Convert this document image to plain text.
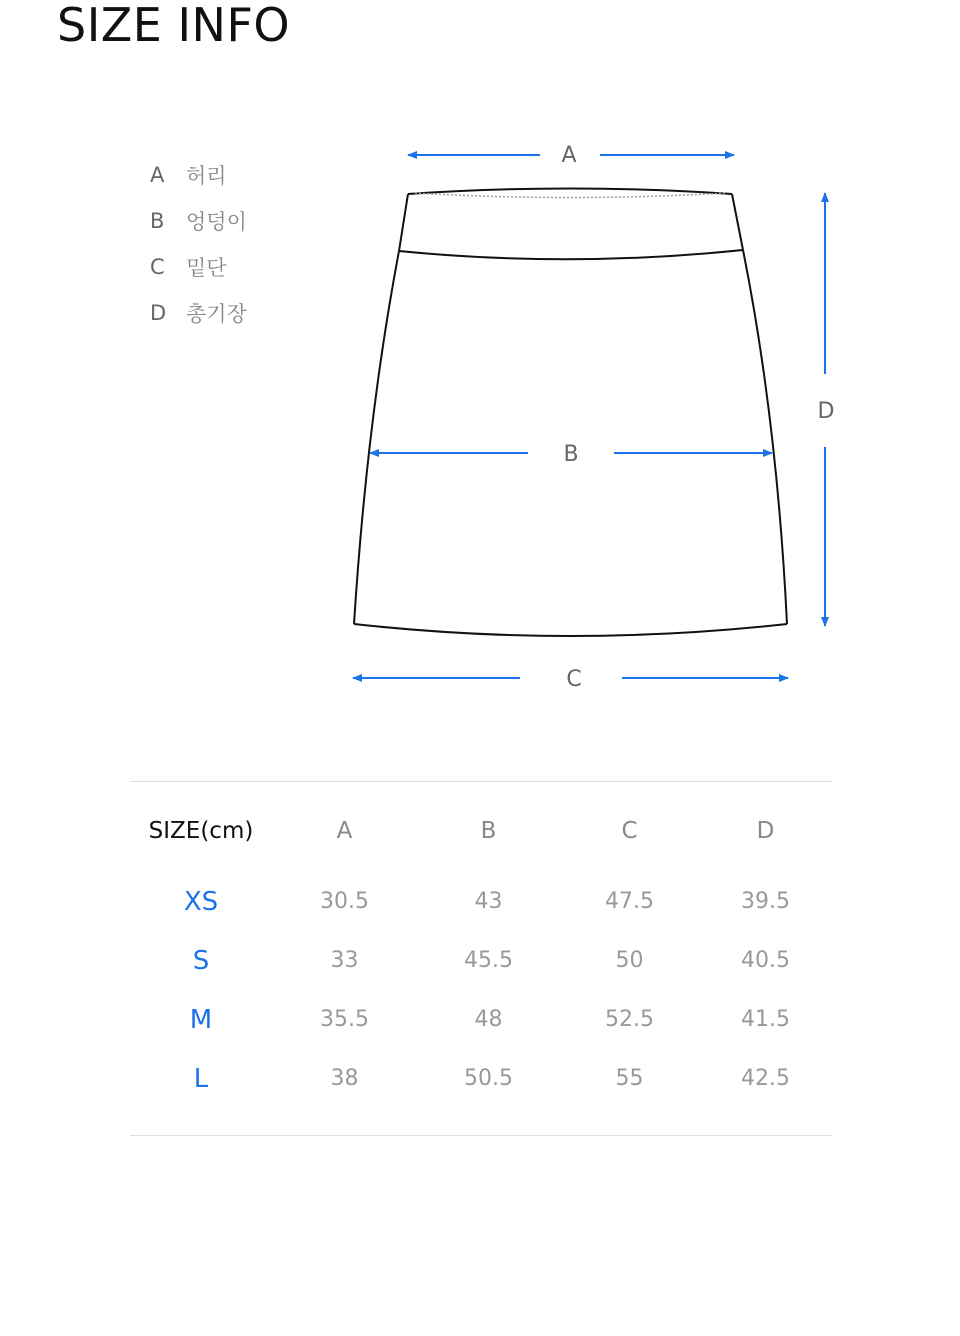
SIZE INFO
A	허리
B	엉덩이
C	밑단
D 총기장
A
B
C
D
SIZE(cm)	A	B	C	D
XS	30.5	43	47.5	39.5
S	33	45.5	50	40.5
M	35.5	48	52.5	41.5
L	38	50.5	55	42.5
